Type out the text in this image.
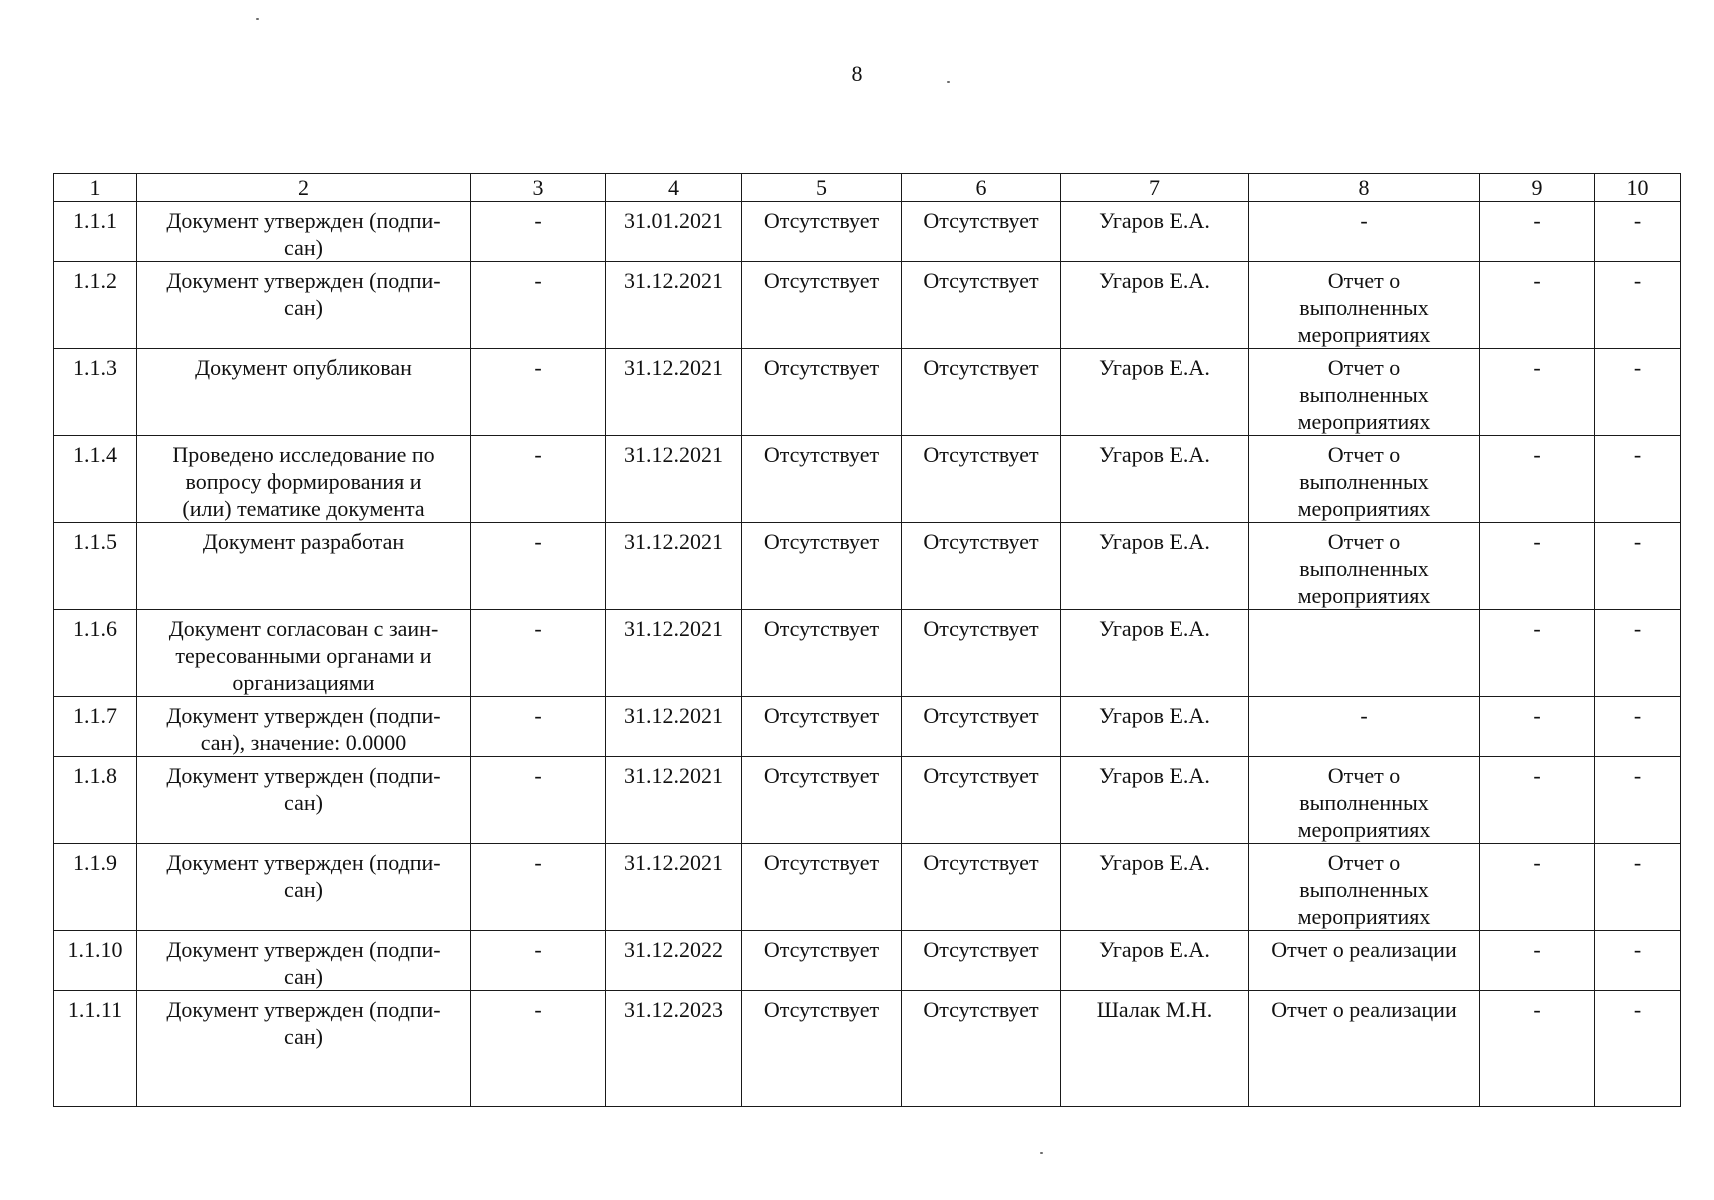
8
1	2	3	4	5	6	7	8	9	10
1.1.1	Документ утвержден (подпи-
сан)	-	31.01.2021	Отсутствует	Отсутствует	Угаров Е.А.	-	-	-
1.1.2	Документ утвержден (подпи-
сан)	-	31.12.2021	Отсутствует	Отсутствует	Угаров Е.А.	Отчет о
выполненных
мероприятиях	-	-
1.1.3	Документ опубликован	-	31.12.2021	Отсутствует	Отсутствует	Угаров Е.А.	Отчет о
выполненных
мероприятиях	-	-
1.1.4	Проведено исследование по
вопросу формирования и
(или) тематике документа	-	31.12.2021	Отсутствует	Отсутствует	Угаров Е.А.	Отчет о
выполненных
мероприятиях	-	-
1.1.5	Документ разработан	-	31.12.2021	Отсутствует	Отсутствует	Угаров Е.А.	Отчет о
выполненных
мероприятиях	-	-
1.1.6	Документ согласован с заин-
тересованными органами и
организациями	-	31.12.2021	Отсутствует	Отсутствует	Угаров Е.А.		-	-
1.1.7	Документ утвержден (подпи-
сан), значение: 0.0000	-	31.12.2021	Отсутствует	Отсутствует	Угаров Е.А.	-	-	-
1.1.8	Документ утвержден (подпи-
сан)	-	31.12.2021	Отсутствует	Отсутствует	Угаров Е.А.	Отчет о
выполненных
мероприятиях	-	-
1.1.9	Документ утвержден (подпи-
сан)	-	31.12.2021	Отсутствует	Отсутствует	Угаров Е.А.	Отчет о
выполненных
мероприятиях	-	-
1.1.10	Документ утвержден (подпи-
сан)	-	31.12.2022	Отсутствует	Отсутствует	Угаров Е.А.	Отчет о реализации	-	-
1.1.11	Документ утвержден (подпи-
сан)	-	31.12.2023	Отсутствует	Отсутствует	Шалак М.Н.	Отчет о реализации	-	-
